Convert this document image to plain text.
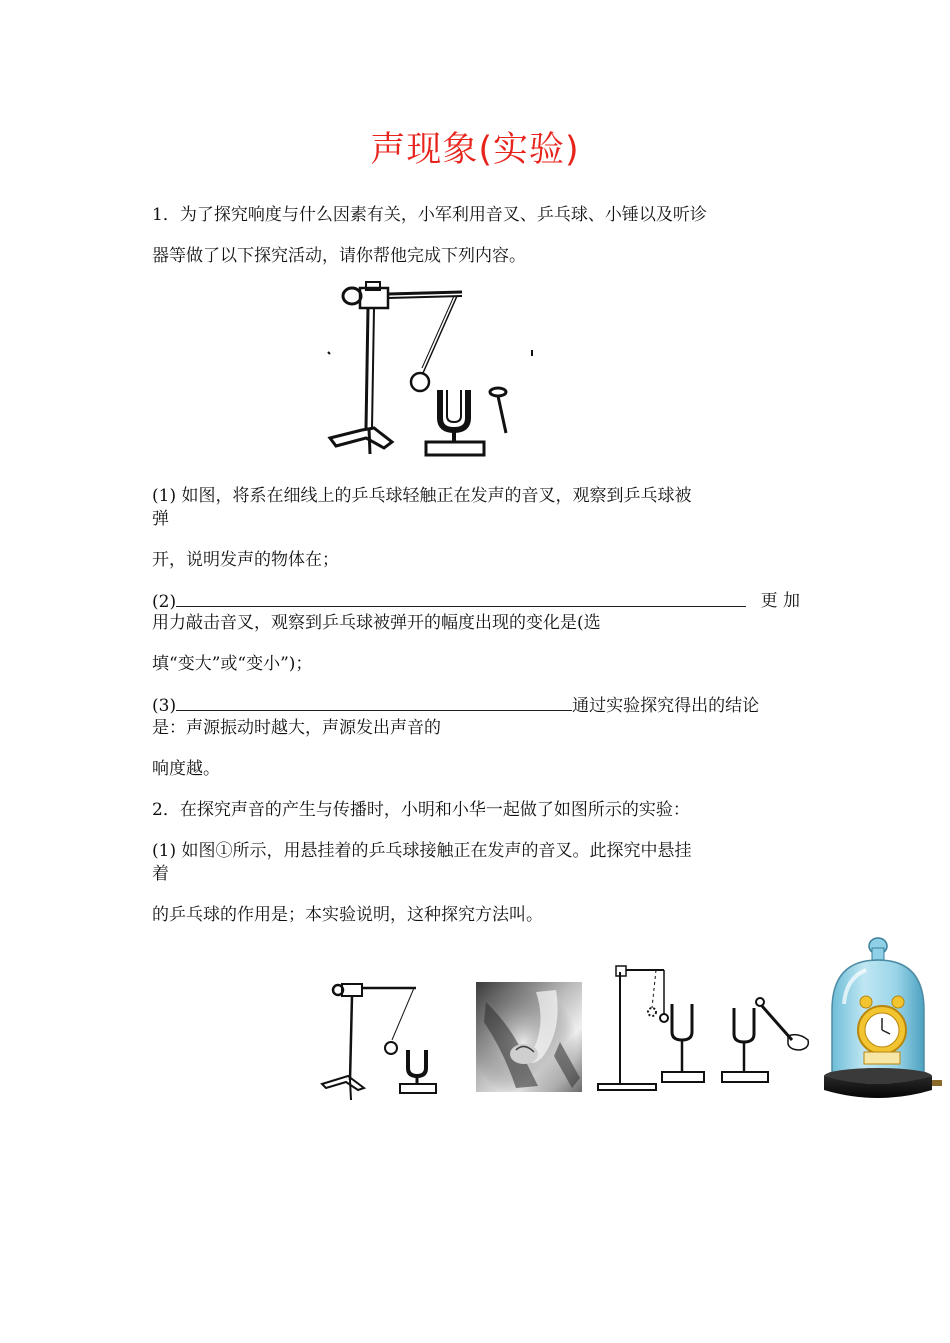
声现象(实验)
1．为了探究响度与什么因素有关，小军利用音叉、乒乓球、小锤以及听诊
器等做了以下探究活动，请你帮他完成下列内容。
(1) 如图，将系在细线上的乒乓球轻触正在发声的音叉，观察到乒乓球被
弹
开，说明发声的物体在；
(2)	更 加
用力敲击音叉，观察到乒乓球被弹开的幅度出现的变化是(选
填“变大”或“变小”)；
(3)	通过实验探究得出的结论
是：声源振动时越大，声源发出声音的
响度越。
2．在探究声音的产生与传播时，小明和小华一起做了如图所示的实验：
(1) 如图①所示，用悬挂着的乒乓球接触正在发声的音叉。此探究中悬挂
着
的乒乓球的作用是；本实验说明，这种探究方法叫。
